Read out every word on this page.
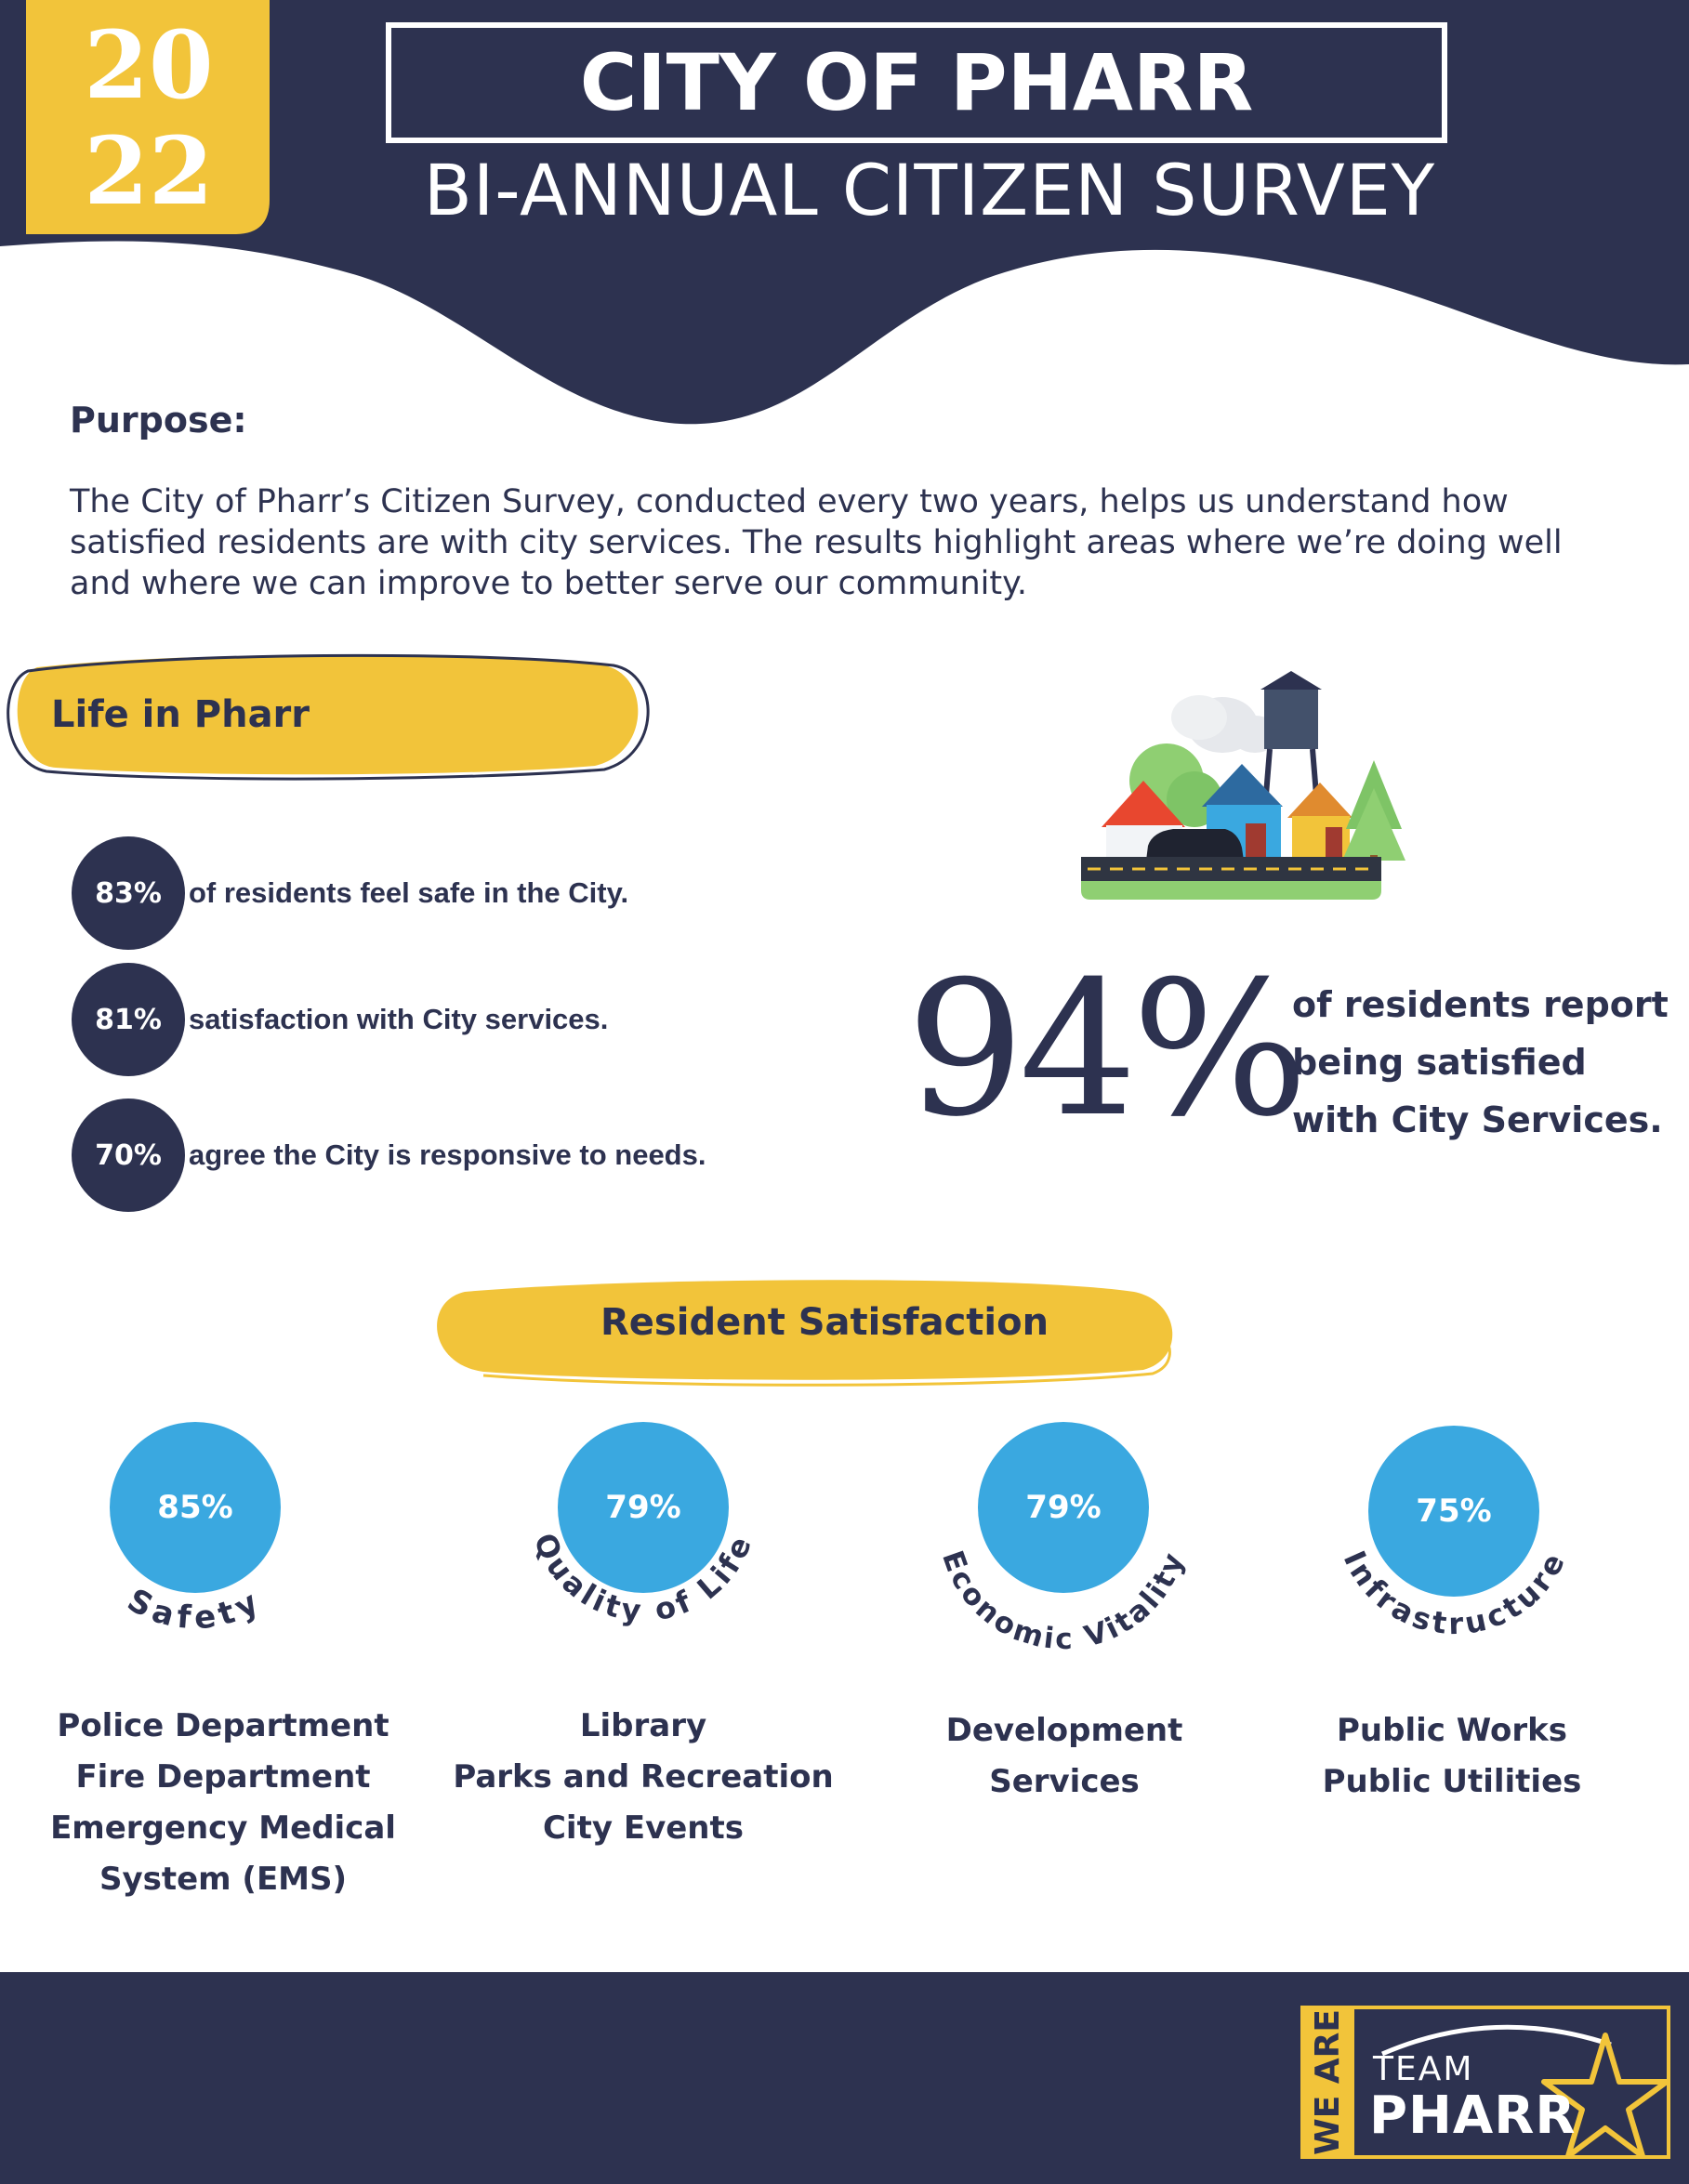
20
22
CITY OF PHARR
BI-ANNUAL CITIZEN SURVEY
Purpose:
The City of Pharr’s Citizen Survey, conducted every two years, helps us understand how satisfied residents are with city services. The results highlight areas where we’re doing well and where we can improve to better serve our community.
Life in Pharr
83% of residents feel safe in the City.
81% satisfaction with City services.
70% agree the City is responsive to needs. 94%
of residents report
being satisfied
with City Services.
Resident Satisfaction
85%
Safety
Police Department
Fire Department
Emergency Medical
System (EMS)
79%
Quality of Life
Library
Parks and Recreation
City Events
79%
Economic Vitality
Development
Services
75%
Infrastructure
Public Works
Public Utilities
WE ARE TEAM
PHARR
